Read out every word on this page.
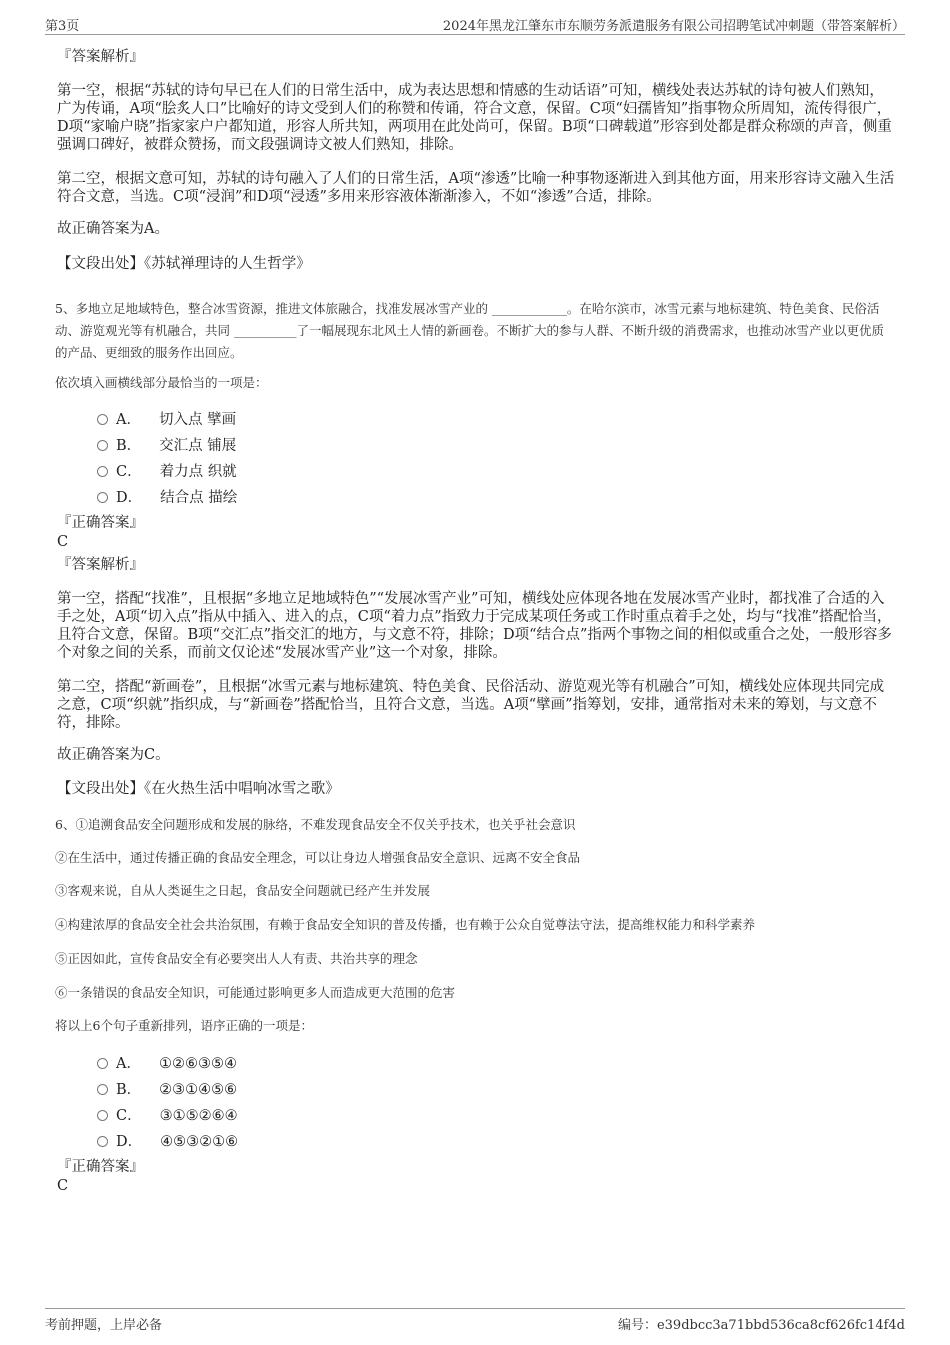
第3页	2024年黑龙江肇东市东顺劳务派遣服务有限公司招聘笔试冲刺题（带答案解析）
『答案解析』
第一空，根据“苏轼的诗句早已在人们的日常生活中，成为表达思想和情感的生动话语”可知，横线处表达苏轼的诗句被人们熟知，广为传诵，A项“脍炙人口”比喻好的诗文受到人们的称赞和传诵，符合文意，保留。C项“妇孺皆知”指事物众所周知，流传得很广，D项“家喻户晓”指家家户户都知道，形容人所共知，两项用在此处尚可，保留。B项“口碑载道”形容到处都是群众称颂的声音，侧重强调口碑好，被群众赞扬，而文段强调诗文被人们熟知，排除。
第二空，根据文意可知，苏轼的诗句融入了人们的日常生活，A项“渗透”比喻一种事物逐渐进入到其他方面，用来形容诗文融入生活符合文意，当选。C项“浸润”和D项“浸透”多用来形容液体渐渐渗入，不如“渗透”合适，排除。
故正确答案为A。
【文段出处】《苏轼禅理诗的人生哲学》
5、多地立足地域特色，整合冰雪资源，推进文体旅融合，找准发展冰雪产业的 ____________。在哈尔滨市，冰雪元素与地标建筑、特色美食、民俗活动、游览观光等有机融合，共同 __________了一幅展现东北风土人情的新画卷。不断扩大的参与人群、不断升级的消费需求，也推动冰雪产业以更优质的产品、更细致的服务作出回应。
依次填入画横线部分最恰当的一项是：
A． 切入点 擘画
B． 交汇点 铺展
C． 着力点 织就
D． 结合点 描绘
『正确答案』
C
『答案解析』
第一空，搭配“找准”，且根据“多地立足地域特色”“发展冰雪产业”可知，横线处应体现各地在发展冰雪产业时，都找准了合适的入手之处，A项“切入点”指从中插入、进入的点，C项“着力点”指致力于完成某项任务或工作时重点着手之处，均与“找准”搭配恰当，且符合文意，保留。B项“交汇点”指交汇的地方，与文意不符，排除；D项“结合点”指两个事物之间的相似或重合之处，一般形容多个对象之间的关系，而前文仅论述“发展冰雪产业”这一个对象，排除。
第二空，搭配“新画卷”，且根据“冰雪元素与地标建筑、特色美食、民俗活动、游览观光等有机融合”可知，横线处应体现共同完成之意，C项“织就”指织成，与“新画卷”搭配恰当，且符合文意，当选。A项“擘画”指筹划，安排，通常指对未来的筹划，与文意不符，排除。
故正确答案为C。
【文段出处】《在火热生活中唱响冰雪之歌》
6、①追溯食品安全问题形成和发展的脉络，不难发现食品安全不仅关乎技术，也关乎社会意识
②在生活中，通过传播正确的食品安全理念，可以让身边人增强食品安全意识、远离不安全食品
③客观来说，自从人类诞生之日起，食品安全问题就已经产生并发展
④构建浓厚的食品安全社会共治氛围，有赖于食品安全知识的普及传播，也有赖于公众自觉尊法守法，提高维权能力和科学素养
⑤正因如此，宣传食品安全有必要突出人人有责、共治共享的理念
⑥一条错误的食品安全知识，可能通过影响更多人而造成更大范围的危害
将以上6个句子重新排列，语序正确的一项是：
A． ①②⑥③⑤④
B． ②③①④⑤⑥
C． ③①⑤②⑥④
D． ④⑤③②①⑥
『正确答案』
C
考前押题，上岸必备	编号：e39dbcc3a71bbd536ca8cf626fc14f4d
